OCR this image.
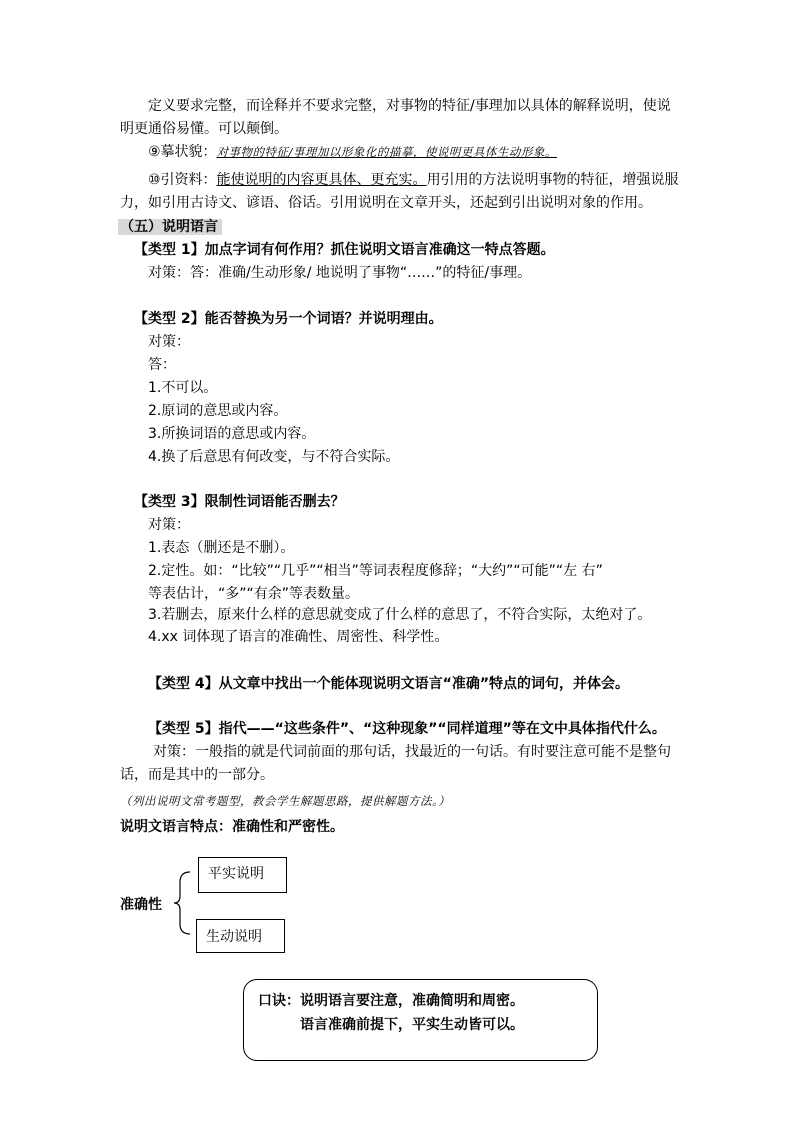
定义要求完整，而诠释并不要求完整，对事物的特征/事理加以具体的解释说明，使说
明更通俗易懂。可以颠倒。
⑨摹状貌：对事物的特征/事理加以形象化的描摹，使说明更具体生动形象。
⑩引资料：能使说明的内容更具体、更充实。用引用的方法说明事物的特征，增强说服
力，如引用古诗文、谚语、俗话。引用说明在文章开头，还起到引出说明对象的作用。
（五）说明语言
【类型 1】加点字词有何作用？抓住说明文语言准确这一特点答题。
对策：答：准确/生动形象/ 地说明了事物“……”的特征/事理。
【类型 2】能否替换为另一个词语？并说明理由。
对策：
答：
1.不可以。
2.原词的意思或内容。
3.所换词语的意思或内容。
4.换了后意思有何改变，与不符合实际。
【类型 3】限制性词语能否删去？
对策：
1.表态（删还是不删）。
2.定性。如：“比较”“几乎”“相当”等词表程度修辞；“大约”“可能”“左 右”
等表估计，“多”“有余”等表数量。
3.若删去，原来什么样的意思就变成了什么样的意思了，不符合实际，太绝对了。
4.xx 词体现了语言的准确性、周密性、科学性。
【类型 4】从文章中找出一个能体现说明文语言“准确”特点的词句，并体会。
【类型 5】指代——“这些条件”、“这种现象”“同样道理”等在文中具体指代什么。
对策：一般指的就是代词前面的那句话，找最近的一句话。有时要注意可能不是整句
话，而是其中的一部分。
（列出说明文常考题型，教会学生解题思路，提供解题方法。）
说明文语言特点：准确性和严密性。
准确性
平实说明
生动说明
口诀：说明语言要注意，准确简明和周密。
语言准确前提下，平实生动皆可以。
